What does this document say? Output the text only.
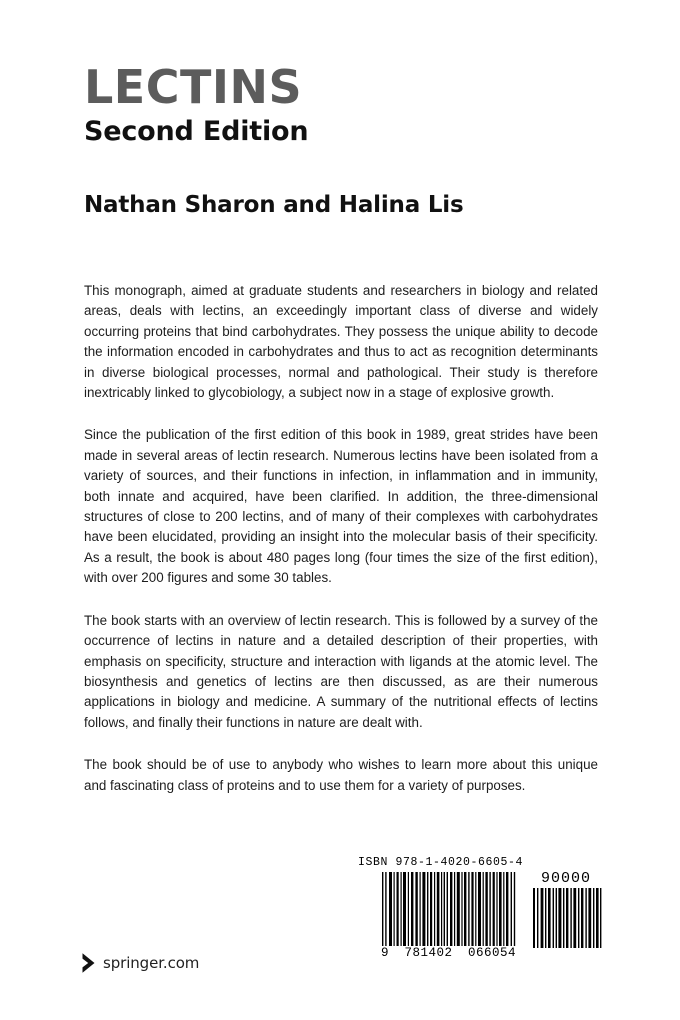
LECTINS
Second Edition
Nathan Sharon and Halina Lis

This monograph, aimed at graduate students and researchers in biology and related areas, deals with lectins, an exceedingly important class of diverse and widely occurring proteins that bind carbohydrates. They possess the unique ability to decode the information encoded in carbohydrates and thus to act as recognition determinants in diverse biological processes, normal and pathological. Their study is therefore inextricably linked to glycobiology, a subject now in a stage of explosive growth.

Since the publication of the first edition of this book in 1989, great strides have been made in several areas of lectin research. Numerous lectins have been isolated from a variety of sources, and their functions in infection, in inflammation and in immunity, both innate and acquired, have been clarified. In addition, the three-dimensional structures of close to 200 lectins, and of many of their complexes with carbohydrates have been elucidated, providing an insight into the molecular basis of their specificity. As a result, the book is about 480 pages long (four times the size of the first edition), with over 200 figures and some 30 tables.

The book starts with an overview of lectin research. This is followed by a survey of the occurrence of lectins in nature and a detailed description of their properties, with emphasis on specificity, structure and interaction with ligands at the atomic level. The biosynthesis and genetics of lectins are then discussed, as are their numerous applications in biology and medicine. A summary of the nutritional effects of lectins follows, and finally their functions in nature are dealt with.

The book should be of use to anybody who wishes to learn more about this unique and fascinating class of proteins and to use them for a variety of purposes.

ISBN 978-1-4020-6605-4
90000
9 781402 066054
springer.com
